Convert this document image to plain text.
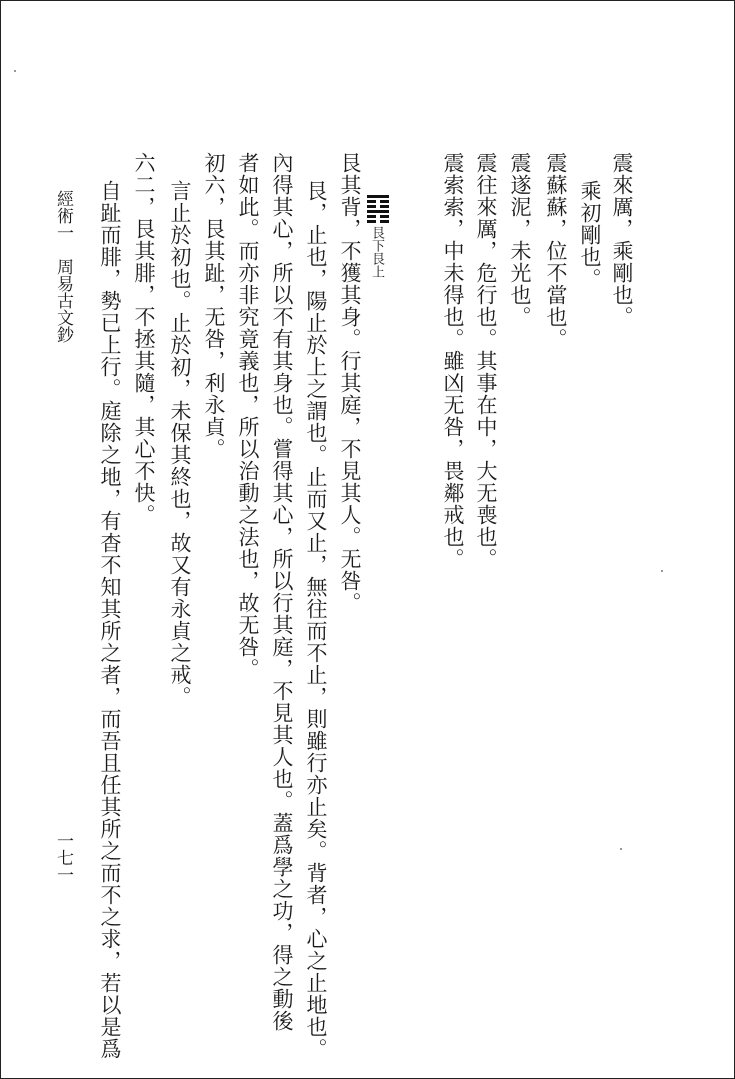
震來厲，乘剛也。
乘初剛也。
震蘇蘇，位不當也。
震遂泥，未光也。
震往來厲，危行也。其事在中，大无喪也。
震索索，中未得也。雖凶无咎，畏鄰戒也。
艮下艮上
艮其背，不獲其身。行其庭，不見其人。无咎。
艮，止也，陽止於上之謂也。止而又止，無往而不止，則雖行亦止矣。背者，心之止地也。
內得其心，所以不有其身也。嘗得其心，所以行其庭，不見其人也。蓋爲學之功，得之動後
者如此。而亦非究竟義也，所以治動之法也，故无咎。
初六，艮其趾，无咎，利永貞。
言止於初也。止於初，未保其終也，故又有永貞之戒。
六二，艮其腓，不拯其隨，其心不快。
自趾而腓，勢已上行。庭除之地，有杳不知其所之者，而吾且任其所之而不之求，若以是爲
經術一　周易古文鈔
一七一
